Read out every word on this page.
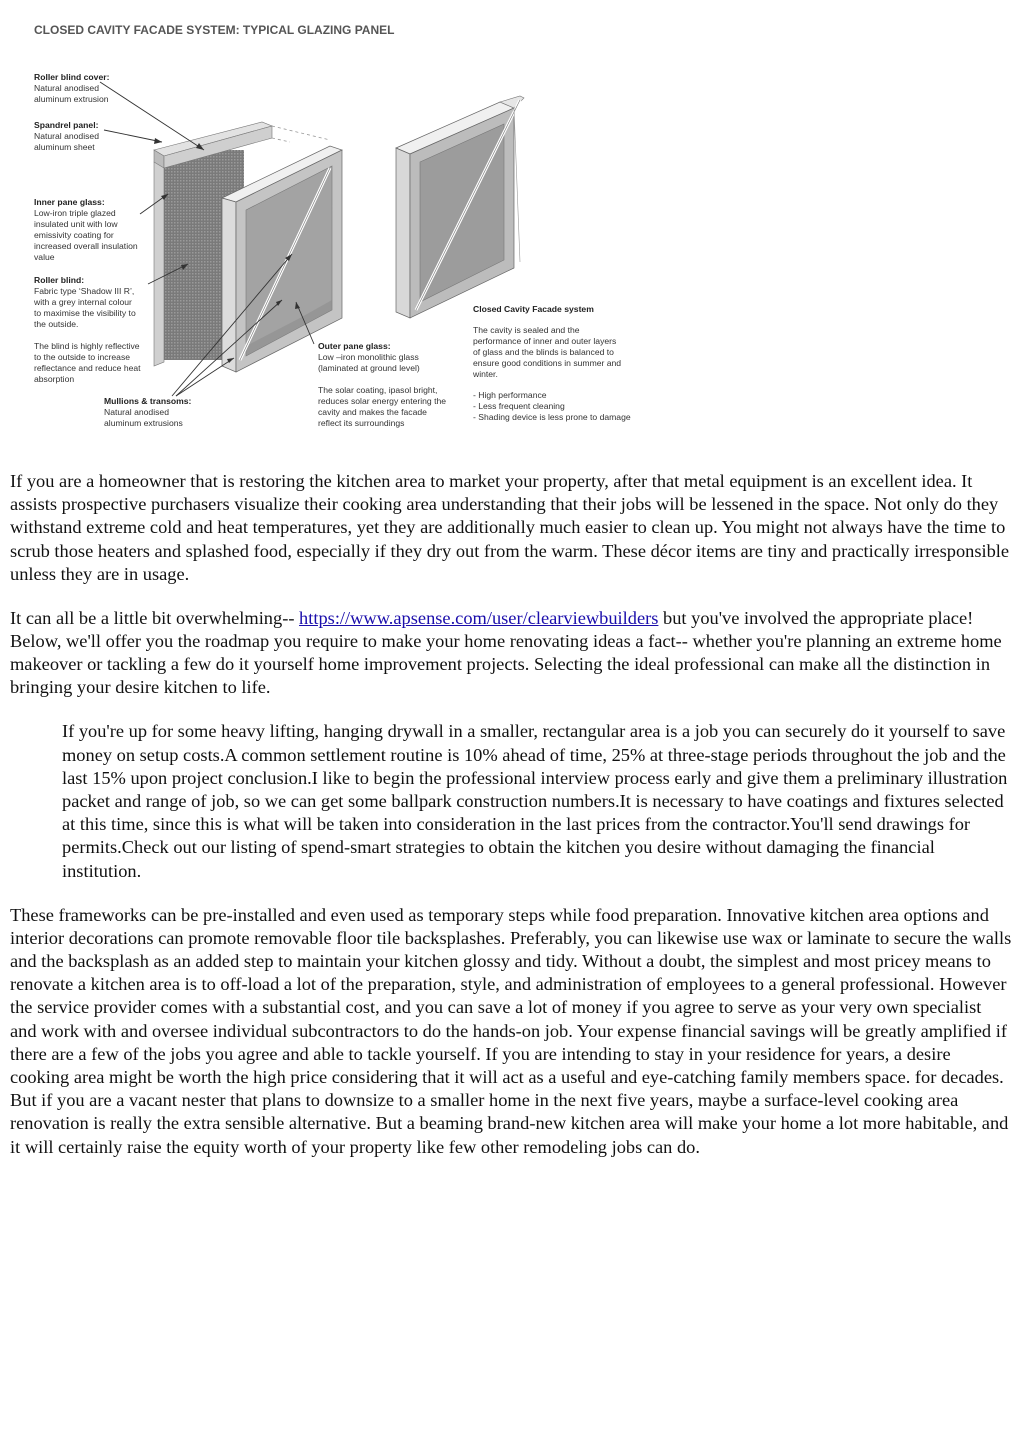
CLOSED CAVITY FACADE SYSTEM: TYPICAL GLAZING PANEL
Roller blind cover:
Natural anodised
aluminum extrusion
Spandrel panel:
Natural anodised
aluminum sheet
Inner pane glass:
Low-iron triple glazed
insulated unit with low
emissivity coating for
increased overall insulation
value
Roller blind:
Fabric type ‘Shadow III R’,
with a grey internal colour
to maximise the visibility to
the outside.
The blind is highly reflective
to the outside to increase
reflectance and reduce heat
absorption
Mullions & transoms:
Natural anodised
aluminum extrusions
Outer pane glass:
Low –iron monolithic glass
(laminated at ground level)
The solar coating, ipasol bright,
reduces solar energy entering the
cavity and makes the facade
reflect its surroundings
Closed Cavity Facade system
The cavity is sealed and the
performance of inner and outer layers
of glass and the blinds is balanced to
ensure good conditions in summer and
winter.
- High performance
- Less frequent cleaning
- Shading device is less prone to damage

If you are a homeowner that is restoring the kitchen area to market your property, after that metal equipment is an excellent idea. It assists prospective purchasers visualize their cooking area understanding that their jobs will be lessened in the space. Not only do they withstand extreme cold and heat temperatures, yet they are additionally much easier to clean up. You might not always have the time to scrub those heaters and splashed food, especially if they dry out from the warm. These décor items are tiny and practically irresponsible unless they are in usage.

It can all be a little bit overwhelming-- https://www.apsense.com/user/clearviewbuilders but you've involved the appropriate place! Below, we'll offer you the roadmap you require to make your home renovating ideas a fact-- whether you're planning an extreme home makeover or tackling a few do it yourself home improvement projects. Selecting the ideal professional can make all the distinction in bringing your desire kitchen to life.

If you're up for some heavy lifting, hanging drywall in a smaller, rectangular area is a job you can securely do it yourself to save money on setup costs.A common settlement routine is 10% ahead of time, 25% at three-stage periods throughout the job and the last 15% upon project conclusion.I like to begin the professional interview process early and give them a preliminary illustration packet and range of job, so we can get some ballpark construction numbers.It is necessary to have coatings and fixtures selected at this time, since this is what will be taken into consideration in the last prices from the contractor.You'll send drawings for permits.Check out our listing of spend-smart strategies to obtain the kitchen you desire without damaging the financial institution.

These frameworks can be pre-installed and even used as temporary steps while food preparation. Innovative kitchen area options and interior decorations can promote removable floor tile backsplashes. Preferably, you can likewise use wax or laminate to secure the walls and the backsplash as an added step to maintain your kitchen glossy and tidy. Without a doubt, the simplest and most pricey means to renovate a kitchen area is to off-load a lot of the preparation, style, and administration of employees to a general professional. However the service provider comes with a substantial cost, and you can save a lot of money if you agree to serve as your very own specialist and work with and oversee individual subcontractors to do the hands-on job. Your expense financial savings will be greatly amplified if there are a few of the jobs you agree and able to tackle yourself. If you are intending to stay in your residence for years, a desire cooking area might be worth the high price considering that it will act as a useful and eye-catching family members space. for decades. But if you are a vacant nester that plans to downsize to a smaller home in the next five years, maybe a surface-level cooking area renovation is really the extra sensible alternative. But a beaming brand-new kitchen area will make your home a lot more habitable, and it will certainly raise the equity worth of your property like few other remodeling jobs can do.
